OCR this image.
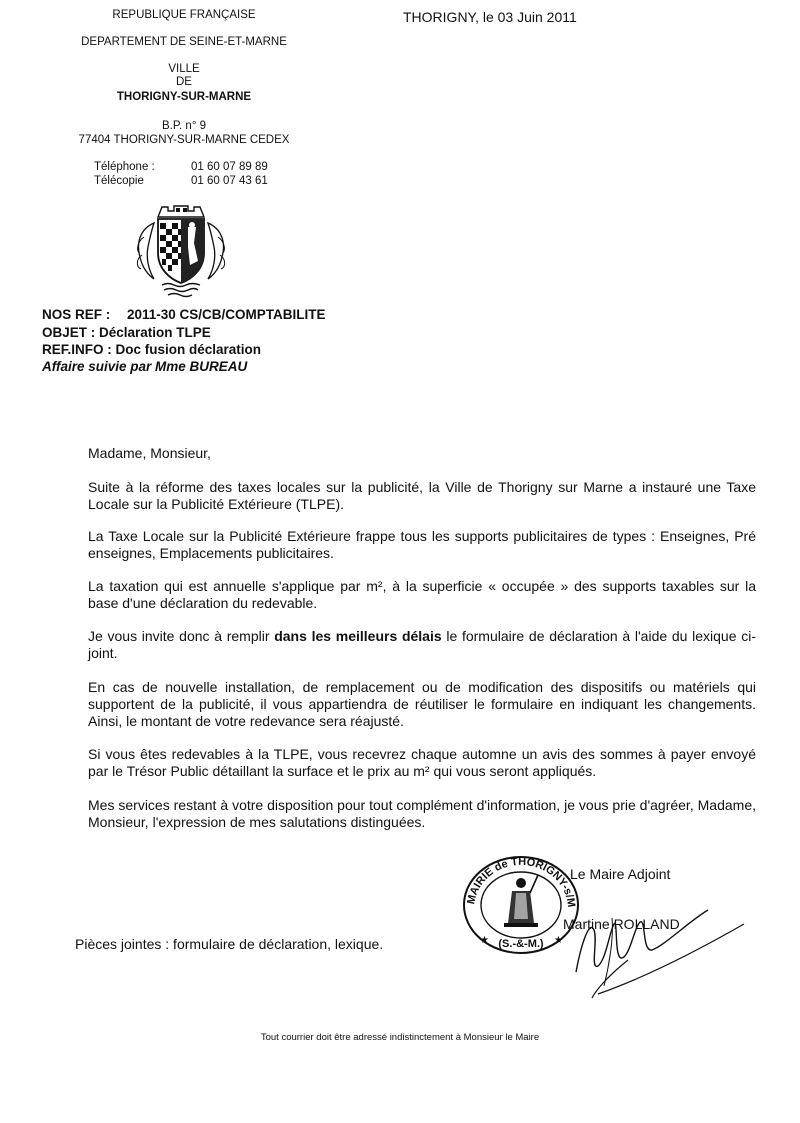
REPUBLIQUE FRANÇAISE
DEPARTEMENT DE SEINE-ET-MARNE
VILLE
DE
THORIGNY-SUR-MARNE
B.P. n° 9
77404 THORIGNY-SUR-MARNE CEDEX
Téléphone :	01 60 07 89 89
Télécopie	01 60 07 43 61
THORIGNY, le 03 Juin 2011
NOS REF : 2011-30 CS/CB/COMPTABILITE
OBJET : Déclaration TLPE
REF.INFO : Doc fusion déclaration
Affaire suivie par Mme BUREAU
Madame, Monsieur,

Suite à la réforme des taxes locales sur la publicité, la Ville de Thorigny sur Marne a instauré une Taxe Locale sur la Publicité Extérieure (TLPE).

La Taxe Locale sur la Publicité Extérieure frappe tous les supports publicitaires de types : Enseignes, Pré enseignes, Emplacements publicitaires.

La taxation qui est annuelle s'applique par m², à la superficie « occupée » des supports taxables sur la base d'une déclaration du redevable.

Je vous invite donc à remplir dans les meilleurs délais le formulaire de déclaration à l'aide du lexique ci-joint.

En cas de nouvelle installation, de remplacement ou de modification des dispositifs ou matériels qui supportent de la publicité, il vous appartiendra de réutiliser le formulaire en indiquant les changements. Ainsi, le montant de votre redevance sera réajusté.

Si vous êtes redevables à la TLPE, vous recevrez chaque automne un avis des sommes à payer envoyé par le Trésor Public détaillant la surface et le prix au m² qui vous seront appliqués.

Mes services restant à votre disposition pour tout complément d'information, je vous prie d'agréer, Madame, Monsieur, l'expression de mes salutations distinguées.

MAIRIE de THORIGNY-s/M
(S.-&-M.)
★	★
Le Maire Adjoint
Martine ROLLAND
Pièces jointes : formulaire de déclaration, lexique.
Tout courrier doit être adressé indistinctement à Monsieur le Maire
